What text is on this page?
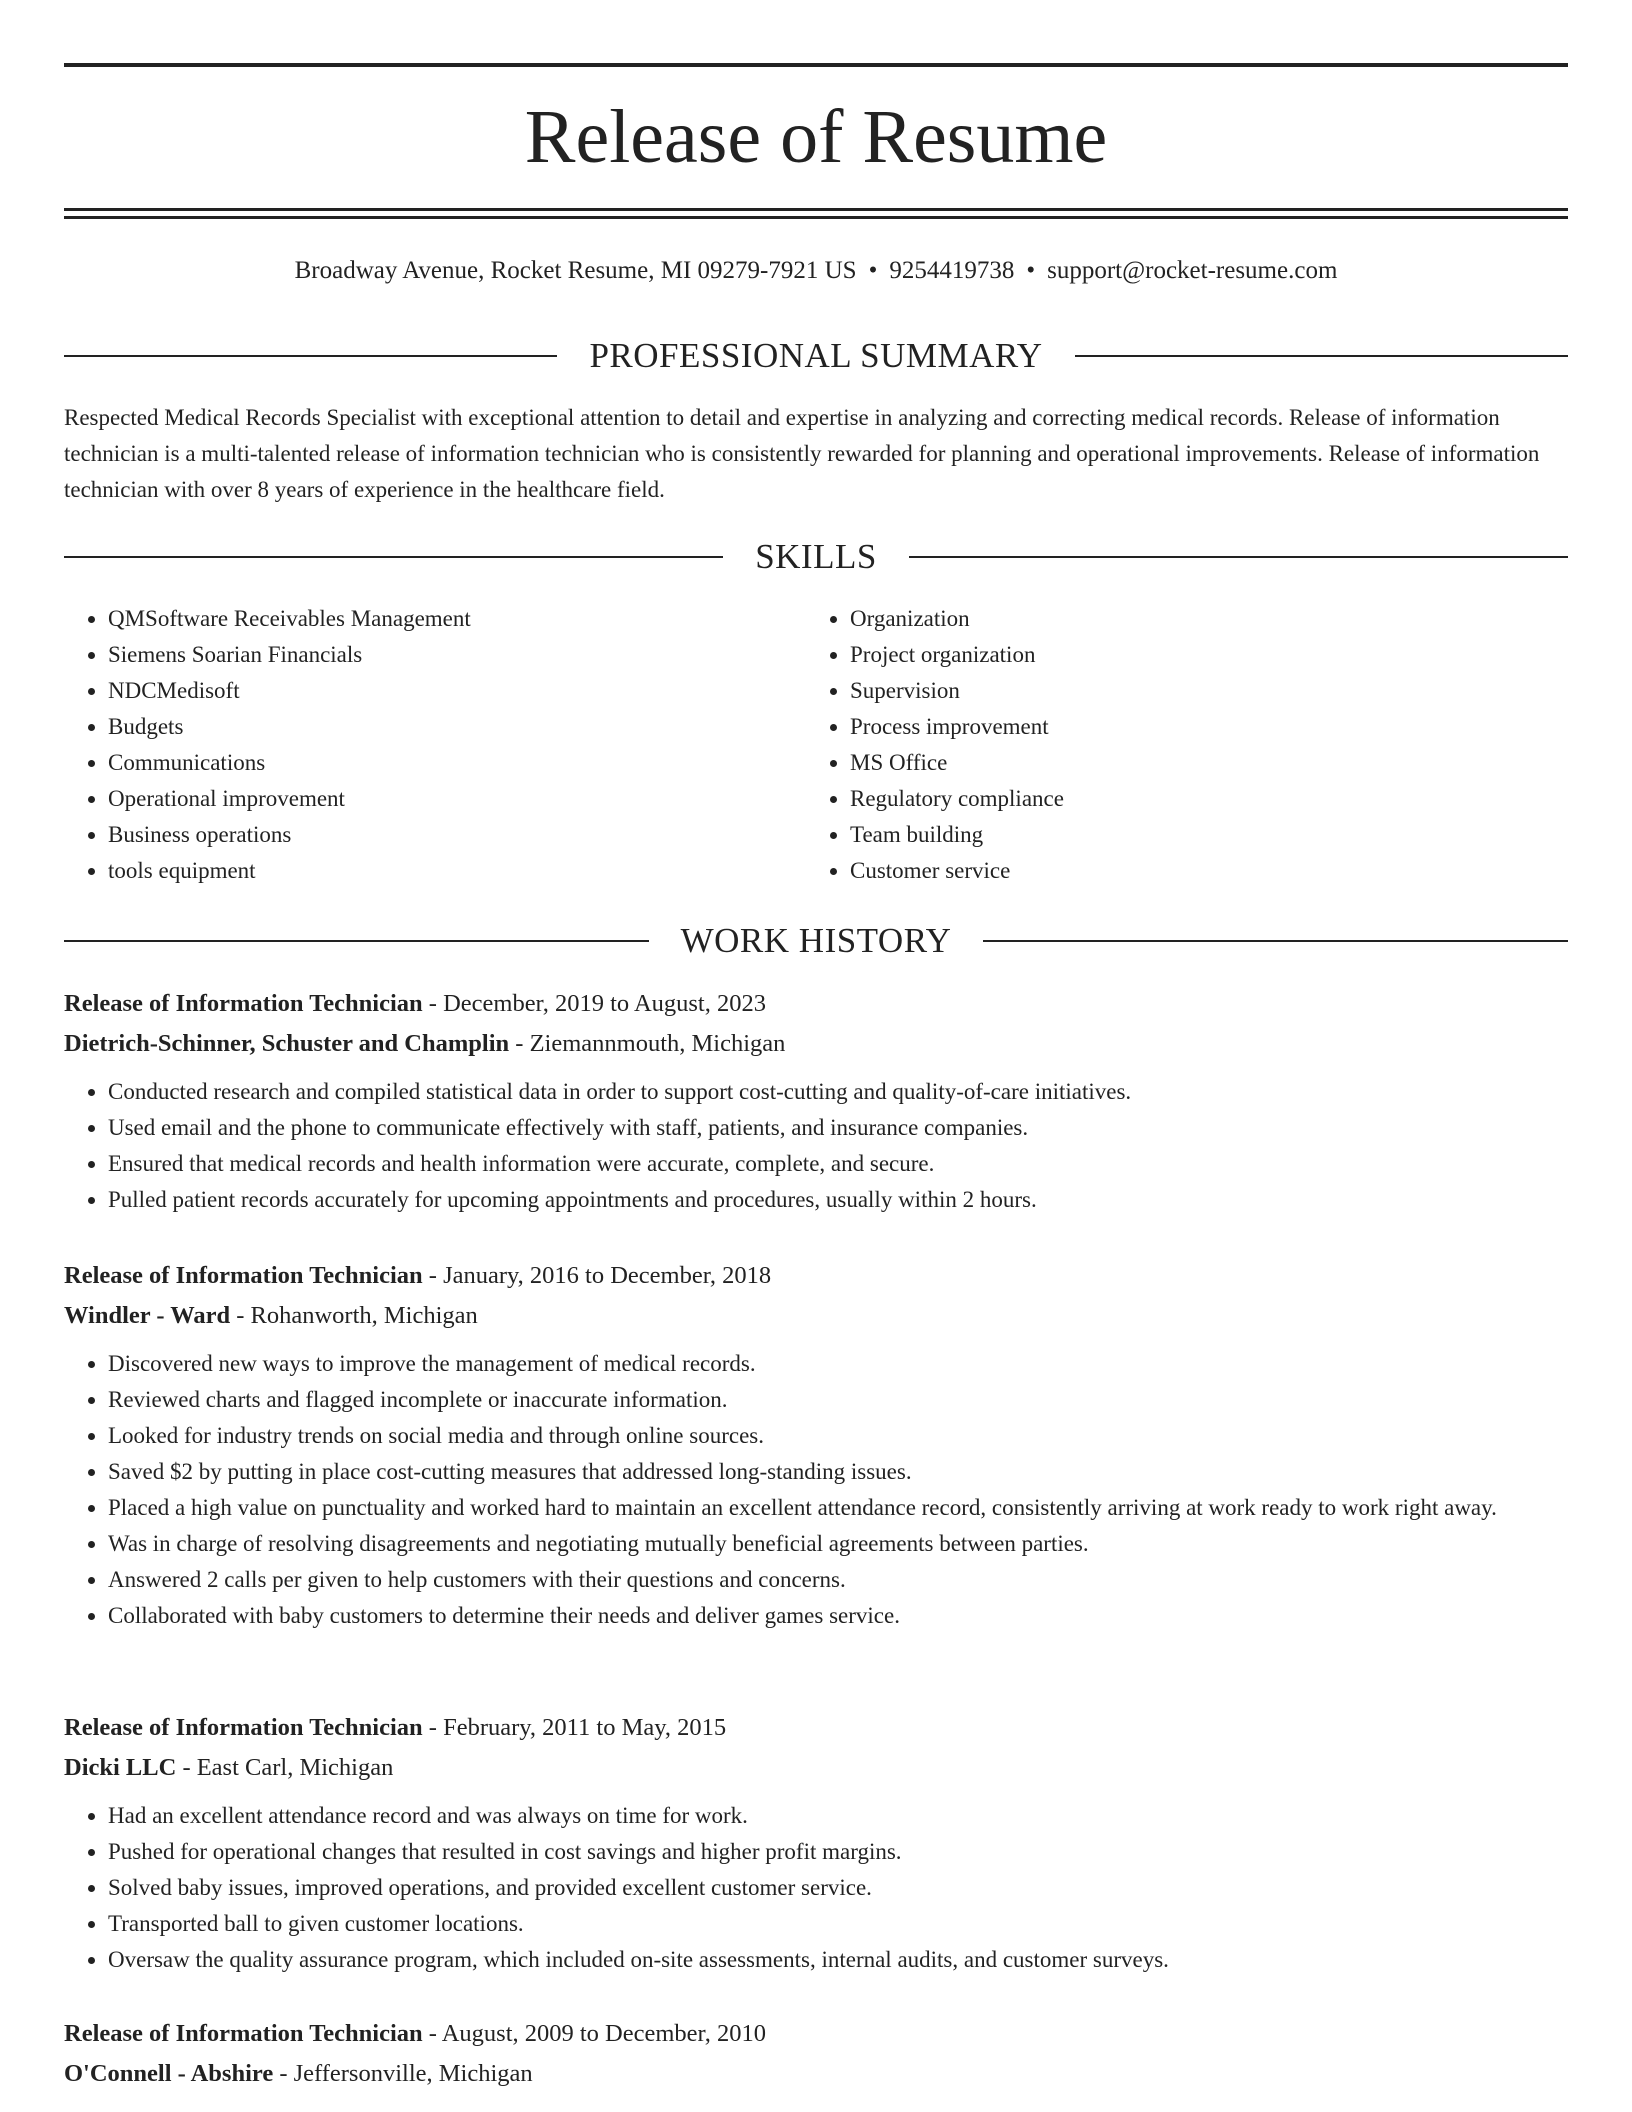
Release of Resume
Broadway Avenue, Rocket Resume, MI 09279-7921 US • 9254419738 • support@rocket-resume.com
PROFESSIONAL SUMMARY

Respected Medical Records Specialist with exceptional attention to detail and expertise in analyzing and correcting medical records. Release of information technician is a multi-talented release of information technician who is consistently rewarded for planning and operational improvements. Release of information technician with over 8 years of experience in the healthcare field.

SKILLS
• QMSoftware Receivables Management
• Siemens Soarian Financials
• NDCMedisoft
• Budgets
• Communications
• Operational improvement
• Business operations
• tools equipment
• Organization
• Project organization
• Supervision
• Process improvement
• MS Office
• Regulatory compliance
• Team building
• Customer service
WORK HISTORY
Release of Information Technician - December, 2019 to August, 2023
Dietrich-Schinner, Schuster and Champlin - Ziemannmouth, Michigan
• Conducted research and compiled statistical data in order to support cost-cutting and quality-of-care initiatives.
• Used email and the phone to communicate effectively with staff, patients, and insurance companies.
• Ensured that medical records and health information were accurate, complete, and secure.
• Pulled patient records accurately for upcoming appointments and procedures, usually within 2 hours.
Release of Information Technician - January, 2016 to December, 2018
Windler - Ward - Rohanworth, Michigan
• Discovered new ways to improve the management of medical records.
• Reviewed charts and flagged incomplete or inaccurate information.
• Looked for industry trends on social media and through online sources.
• Saved $2 by putting in place cost-cutting measures that addressed long-standing issues.
• Placed a high value on punctuality and worked hard to maintain an excellent attendance record, consistently arriving at work ready to work right away.
• Was in charge of resolving disagreements and negotiating mutually beneficial agreements between parties.
• Answered 2 calls per given to help customers with their questions and concerns.
• Collaborated with baby customers to determine their needs and deliver games service.
Release of Information Technician - February, 2011 to May, 2015
Dicki LLC - East Carl, Michigan
• Had an excellent attendance record and was always on time for work.
• Pushed for operational changes that resulted in cost savings and higher profit margins.
• Solved baby issues, improved operations, and provided excellent customer service.
• Transported ball to given customer locations.
• Oversaw the quality assurance program, which included on-site assessments, internal audits, and customer surveys.
Release of Information Technician - August, 2009 to December, 2010
O'Connell - Abshire - Jeffersonville, Michigan
